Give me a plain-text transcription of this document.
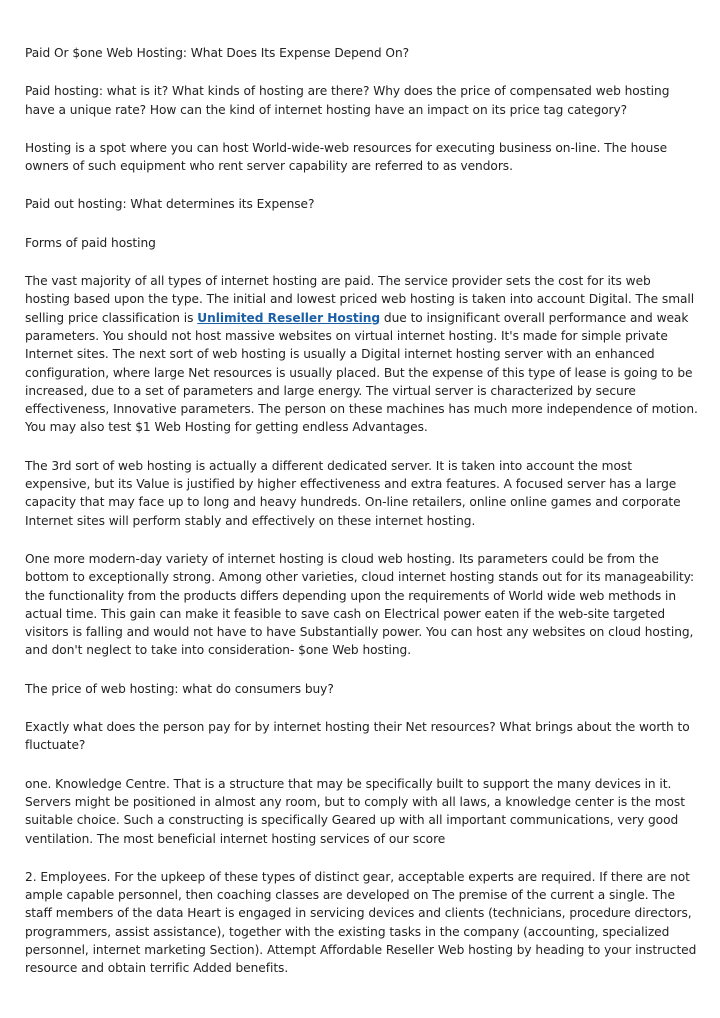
Paid Or $one Web Hosting: What Does Its Expense Depend On?

Paid hosting: what is it? What kinds of hosting are there? Why does the price of compensated web hosting have a unique rate? How can the kind of internet hosting have an impact on its price tag category?

Hosting is a spot where you can host World-wide-web resources for executing business on-line. The house owners of such equipment who rent server capability are referred to as vendors.

Paid out hosting: What determines its Expense?

Forms of paid hosting

The vast majority of all types of internet hosting are paid. The service provider sets the cost for its web hosting based upon the type. The initial and lowest priced web hosting is taken into account Digital. The small selling price classification is Unlimited Reseller Hosting due to insignificant overall performance and weak parameters. You should not host massive websites on virtual internet hosting. It's made for simple private Internet sites. The next sort of web hosting is usually a Digital internet hosting server with an enhanced configuration, where large Net resources is usually placed. But the expense of this type of lease is going to be increased, due to a set of parameters and large energy. The virtual server is characterized by secure effectiveness, Innovative parameters. The person on these machines has much more independence of motion. You may also test $1 Web Hosting for getting endless Advantages.

The 3rd sort of web hosting is actually a different dedicated server. It is taken into account the most expensive, but its Value is justified by higher effectiveness and extra features. A focused server has a large capacity that may face up to long and heavy hundreds. On-line retailers, online online games and corporate Internet sites will perform stably and effectively on these internet hosting.

One more modern-day variety of internet hosting is cloud web hosting. Its parameters could be from the bottom to exceptionally strong. Among other varieties, cloud internet hosting stands out for its manageability: the functionality from the products differs depending upon the requirements of World wide web methods in actual time. This gain can make it feasible to save cash on Electrical power eaten if the web-site targeted visitors is falling and would not have to have Substantially power. You can host any websites on cloud hosting, and don't neglect to take into consideration- $one Web hosting.

The price of web hosting: what do consumers buy?

Exactly what does the person pay for by internet hosting their Net resources? What brings about the worth to fluctuate?

one. Knowledge Centre. That is a structure that may be specifically built to support the many devices in it. Servers might be positioned in almost any room, but to comply with all laws, a knowledge center is the most suitable choice. Such a constructing is specifically Geared up with all important communications, very good ventilation. The most beneficial internet hosting services of our score

2. Employees. For the upkeep of these types of distinct gear, acceptable experts are required. If there are not ample capable personnel, then coaching classes are developed on The premise of the current a single. The staff members of the data Heart is engaged in servicing devices and clients (technicians, procedure directors, programmers, assist assistance), together with the existing tasks in the company (accounting, specialized personnel, internet marketing Section). Attempt Affordable Reseller Web hosting by heading to your instructed resource and obtain terrific Added benefits.
